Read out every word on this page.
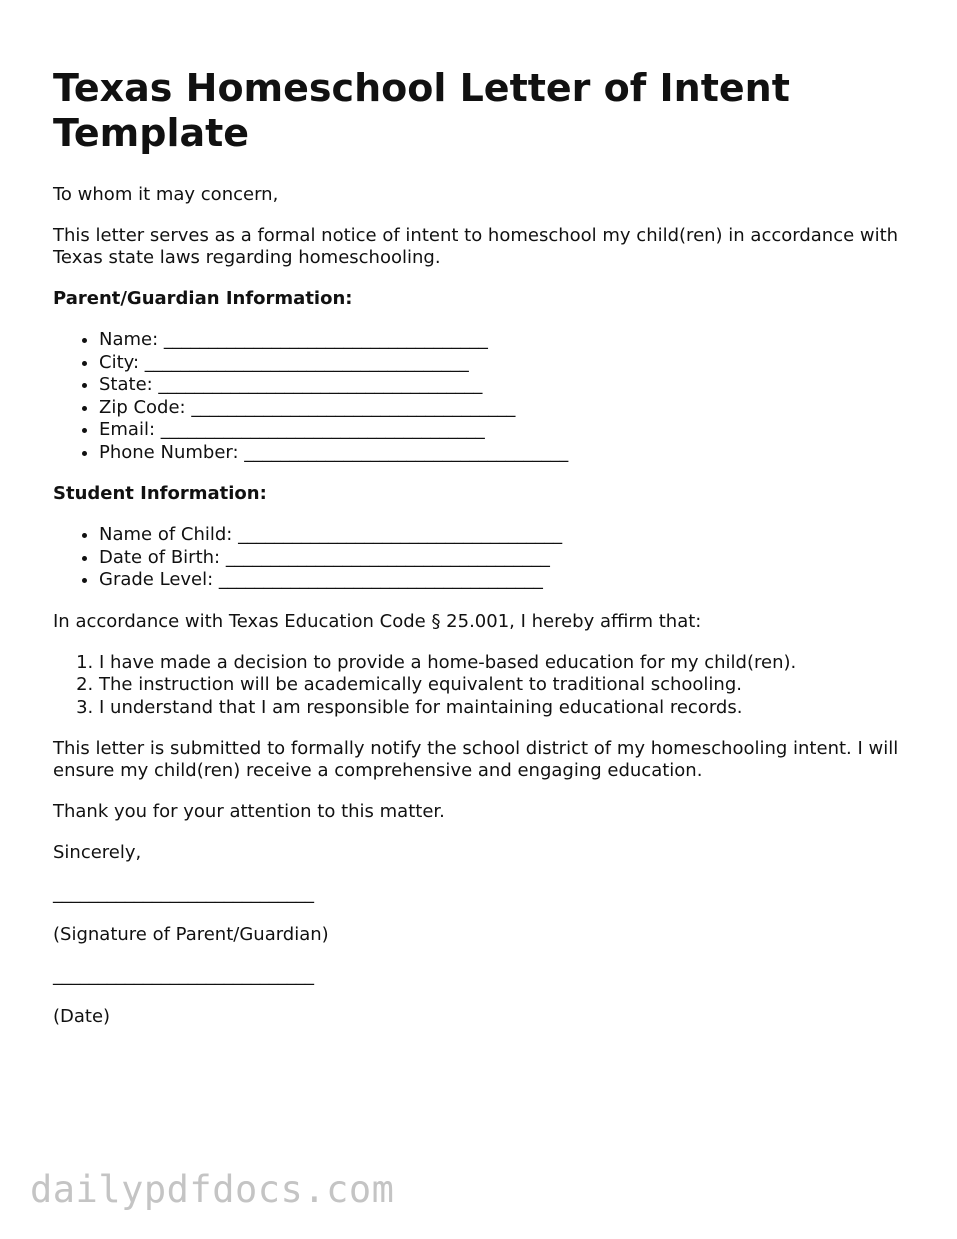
Texas Homeschool Letter of Intent Template

To whom it may concern,

This letter serves as a formal notice of intent to homeschool my child(ren) in accordance with Texas state laws regarding homeschooling.

Parent/Guardian Information:
• Name: ____________________________________
• City: ____________________________________
• State: ____________________________________
• Zip Code: ____________________________________
• Email: ____________________________________
• Phone Number: ____________________________________
Student Information:
• Name of Child: ____________________________________
• Date of Birth: ____________________________________
• Grade Level: ____________________________________

In accordance with Texas Education Code § 25.001, I hereby affirm that:

1. I have made a decision to provide a home-based education for my child(ren).
2. The instruction will be academically equivalent to traditional schooling.
3. I understand that I am responsible for maintaining educational records.

This letter is submitted to formally notify the school district of my homeschooling intent. I will ensure my child(ren) receive a comprehensive and engaging education.

Thank you for your attention to this matter.

Sincerely,

_____________________________

(Signature of Parent/Guardian)

_____________________________

(Date)

dailypdfdocs.com
